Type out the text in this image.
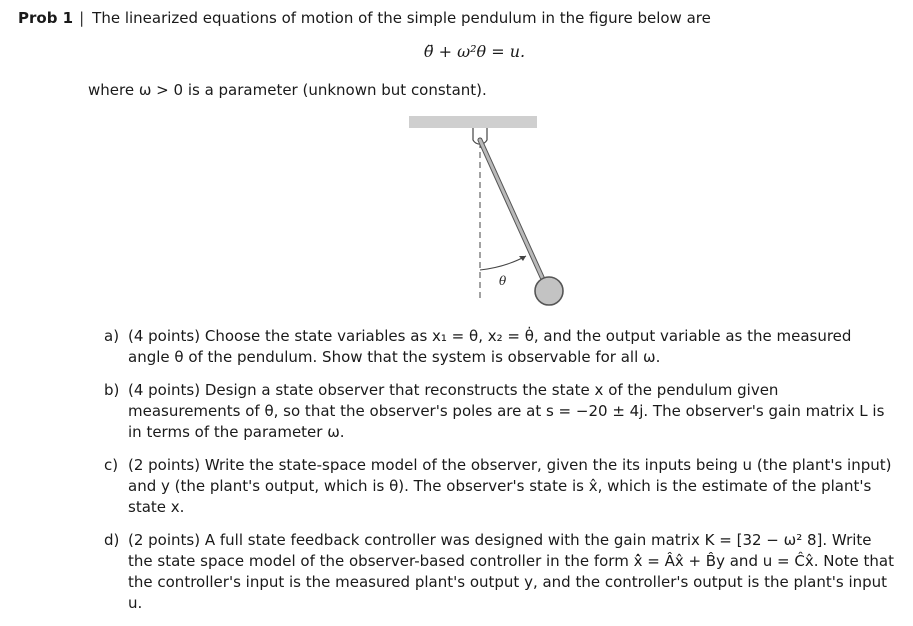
Prob 1 | The linearized equations of motion of the simple pendulum in the figure below are
θ̈ + ω²θ = u.
where ω > 0 is a parameter (unknown but constant).
θ
a) (4 points) Choose the state variables as x₁ = θ, x₂ = θ̇, and the output variable as the measured angle θ of the pendulum. Show that the system is observable for all ω.
b) (4 points) Design a state observer that reconstructs the state x of the pendulum given measurements of θ, so that the observer's poles are at s = −20 ± 4j. The observer's gain matrix L is in terms of the parameter ω.
c) (2 points) Write the state-space model of the observer, given the its inputs being u (the plant's input) and y (the plant's output, which is θ). The observer's state is x̂, which is the estimate of the plant's state x.
d) (2 points) A full state feedback controller was designed with the gain matrix K = [32 − ω² 8]. Write the state space model of the observer-based controller in the form x̂̇ = Âx̂ + B̂y and u = Ĉx̂. Note that the controller's input is the measured plant's output y, and the controller's output is the plant's input u.
